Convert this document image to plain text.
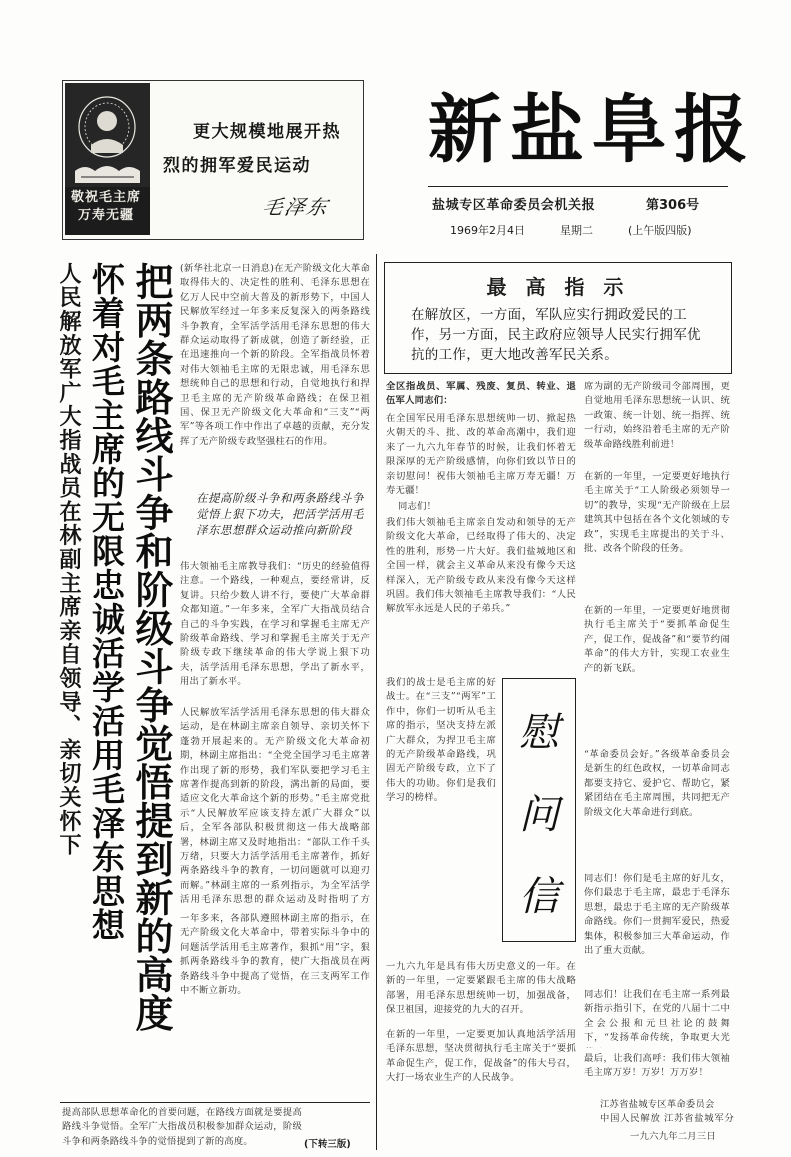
敬祝毛主席万寿无疆
更大规模地展开热
烈的拥军爱民运动
毛泽东
新盐阜报
盐城专区革命委员会机关报	第306号
1969年2月4日	星期二	(上午版四版)
人民解放军广大指战员在林副主席亲自领导、亲切关怀下 把两条路线斗争和阶级斗争觉悟提到新的高度
怀着对毛主席的无限忠诚活学活用毛泽东思想	(新华社北京一日消息)在无产阶级文化大革命取得伟大的、决定性的胜利、毛泽东思想在亿万人民中空前大普及的新形势下，中国人民解放军经过一年多来反复深入的两条路线斗争教育，全军活学活用毛泽东思想的伟大群众运动取得了新成就，创造了新经验，正在迅速推向一个新的阶段。全军指战员怀着对伟大领袖毛主席的无限忠诚，用毛泽东思想统帅自己的思想和行动，自觉地执行和捍卫毛主席的无产阶级革命路线；在保卫祖国、保卫无产阶级文化大革命和“三支”“两军”等各项工作中作出了卓越的贡献，充分发挥了无产阶级专政坚强柱石的作用。
在提高阶级斗争和两条路线斗争觉悟上狠下功夫，把活学活用毛泽东思想群众运动推向新阶段
伟大领袖毛主席教导我们：“历史的经验值得注意。一个路线，一种观点，要经常讲，反复讲。只给少数人讲不行，要使广大革命群众都知道。”一年多来，全军广大指战员结合自己的斗争实践，在学习和掌握毛主席无产阶级革命路线、学习和掌握毛主席关于无产阶级专政下继续革命的伟大学说上狠下功夫，活学活用毛泽东思想，学出了新水平，用出了新水平。
人民解放军活学活用毛泽东思想的伟大群众运动，是在林副主席亲自领导、亲切关怀下蓬勃开展起来的。无产阶级文化大革命初期，林副主席指出：“全党全国学习毛主席著作出现了新的形势，我们军队要把学习毛主席著作提高到新的阶段，满出新的局面，要适应文化大革命这个新的形势。”毛主席党批示“人民解放军应该支持左派广大群众”以后，全军各部队积极贯彻这一伟大战略部署，林副主席又及时地指出：“部队工作千头万绪，只要大力活学活用毛主席著作，抓好两条路线斗争的教育，一切问题就可以迎刃而解。”林副主席的一系列指示，为全军活学活用毛泽东思想的群众运动及时指明了方
一年多来，各部队遵照林副主席的指示，在无产阶级文化大革命中，带着实际斗争中的问题活学活用毛主席著作，狠抓“用”字，狠抓两条路线斗争的教育，使广大指战员在两条路线斗争中提高了觉悟，在三支两军工作中不断立新功。
提高部队思想革命化的首要问题，在路线方面就是要提高路线斗争觉悟。全军广大指战员积极参加群众运动，阶级斗争和两条路线斗争的觉悟提到了新的高度。	(下转三版)
最 高 指 示
在解放区，一方面，军队应实行拥政爱民的工作，另一方面，民主政府应领导人民实行拥军优抗的工作，更大地改善军民关系。
全区指战员、军属、残废、复员、转业、退伍军人同志们：
在全国军民用毛泽东思想统帅一切、掀起热火朝天的斗、批、改的革命高潮中，我们迎来了一九六九年春节的时候，让我们怀着无限深厚的无产阶级感情，向你们致以节日的亲切慰问！祝伟大领袖毛主席万寿无疆！万寿无疆！
同志们！
我们伟大领袖毛主席亲自发动和领导的无产阶级文化大革命，已经取得了伟大的、决定性的胜利，形势一片大好。我们盐城地区和全国一样，就会主义革命从来没有像今天这样深入，无产阶级专政从来没有像今天这样巩固。我们伟大领袖毛主席教导我们：“人民解放军永远是人民的子弟兵。”
我们的战士是毛主席的好战士。在“三支”“两军”工作中，你们一切听从毛主席的指示，坚决支持左派广大群众，为捍卫毛主席的无产阶级革命路线，巩固无产阶级专政，立下了伟大的功勋。你们是我们学习的榜样。
慰
问
信
一九六九年是具有伟大历史意义的一年。在新的一年里，一定要紧跟毛主席的伟大战略部署，用毛泽东思想统帅一切，加强战备，保卫祖国，迎接党的九大的召开。
在新的一年里，一定要更加认真地活学活用毛泽东思想，坚决贯彻执行毛主席关于“要抓革命促生产，促工作，促战备”的伟大号召，大打一场农业生产的人民战争。
席为副的无产阶级司令部周围，更自觉地用毛泽东思想统一认识、统一政策、统一计划、统一指挥、统一行动，始终沿着毛主席的无产阶级革命路线胜利前进！
在新的一年里，一定要更好地执行毛主席关于“工人阶级必须领导一切”的教导，实现“无产阶级在上层建筑其中包括在各个文化领域的专政”，实现毛主席提出的关于斗、批、改各个阶段的任务。
在新的一年里，一定要更好地贯彻执行毛主席关于“要抓革命促生产，促工作，促战备”和“要节约闹革命”的伟大方针，实现工农业生产的新飞跃。
“革命委员会好。”各级革命委员会是新生的红色政权，一切革命同志都要支持它、爱护它、帮助它，紧紧团结在毛主席周围，共同把无产阶级文化大革命进行到底。
同志们！你们是毛主席的好儿女，你们最忠于毛主席，最忠于毛泽东思想，最忠于毛主席的无产阶级革命路线。你们一贯拥军爱民，热爱集体，积极参加三大革命运动，作出了重大贡献。
同志们！让我们在毛主席一系列最新指示指引下，在党的八届十二中全会公报和元旦社论的鼓舞下，“发扬革命传统，争取更大光
最后，让我们高呼：我们伟大领袖毛主席万岁！万岁！万万岁！
江苏省盐城专区革命委员会
中国人民解放 江苏省盐城军分
一九六九年二月三日
